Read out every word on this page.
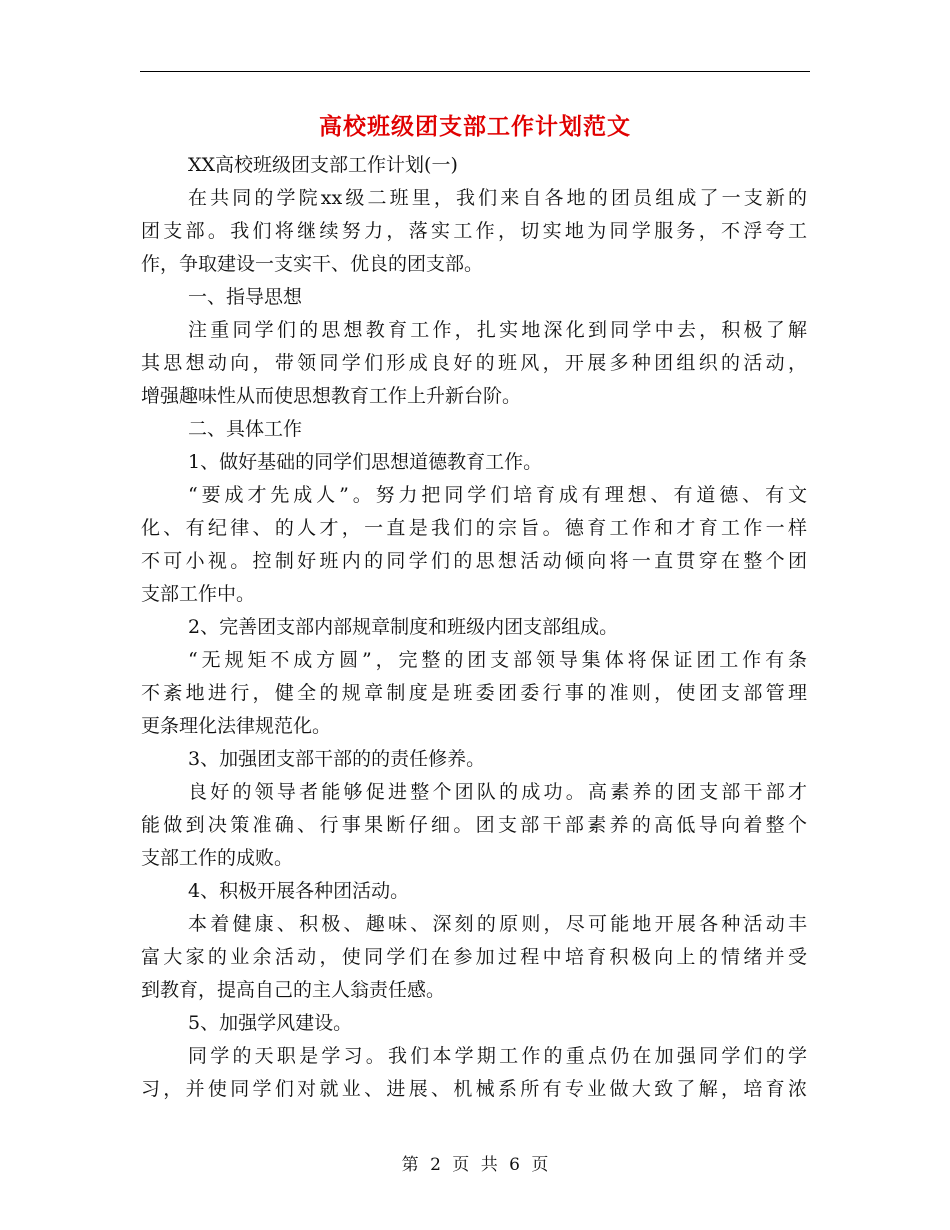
高校班级团支部工作计划范文
XX高校班级团支部工作计划(一)
在共同的学院xx级二班里，我们来自各地的团员组成了一支新的
团支部。我们将继续努力，落实工作，切实地为同学服务，不浮夸工
作，争取建设一支实干、优良的团支部。
一、指导思想
注重同学们的思想教育工作，扎实地深化到同学中去，积极了解
其思想动向，带领同学们形成良好的班风，开展多种团组织的活动，
增强趣味性从而使思想教育工作上升新台阶。
二、具体工作
1、做好基础的同学们思想道德教育工作。
“要成才先成人”。努力把同学们培育成有理想、有道德、有文
化、有纪律、的人才，一直是我们的宗旨。德育工作和才育工作一样
不可小视。控制好班内的同学们的思想活动倾向将一直贯穿在整个团
支部工作中。
2、完善团支部内部规章制度和班级内团支部组成。
“无规矩不成方圆”，完整的团支部领导集体将保证团工作有条
不紊地进行，健全的规章制度是班委团委行事的准则，使团支部管理
更条理化法律规范化。
3、加强团支部干部的的责任修养。
良好的领导者能够促进整个团队的成功。高素养的团支部干部才
能做到决策准确、行事果断仔细。团支部干部素养的高低导向着整个
支部工作的成败。
4、积极开展各种团活动。
本着健康、积极、趣味、深刻的原则，尽可能地开展各种活动丰
富大家的业余活动，使同学们在参加过程中培育积极向上的情绪并受
到教育，提高自己的主人翁责任感。
5、加强学风建设。
同学的天职是学习。我们本学期工作的重点仍在加强同学们的学
习，并使同学们对就业、进展、机械系所有专业做大致了解，培育浓
第 2 页 共 6 页
